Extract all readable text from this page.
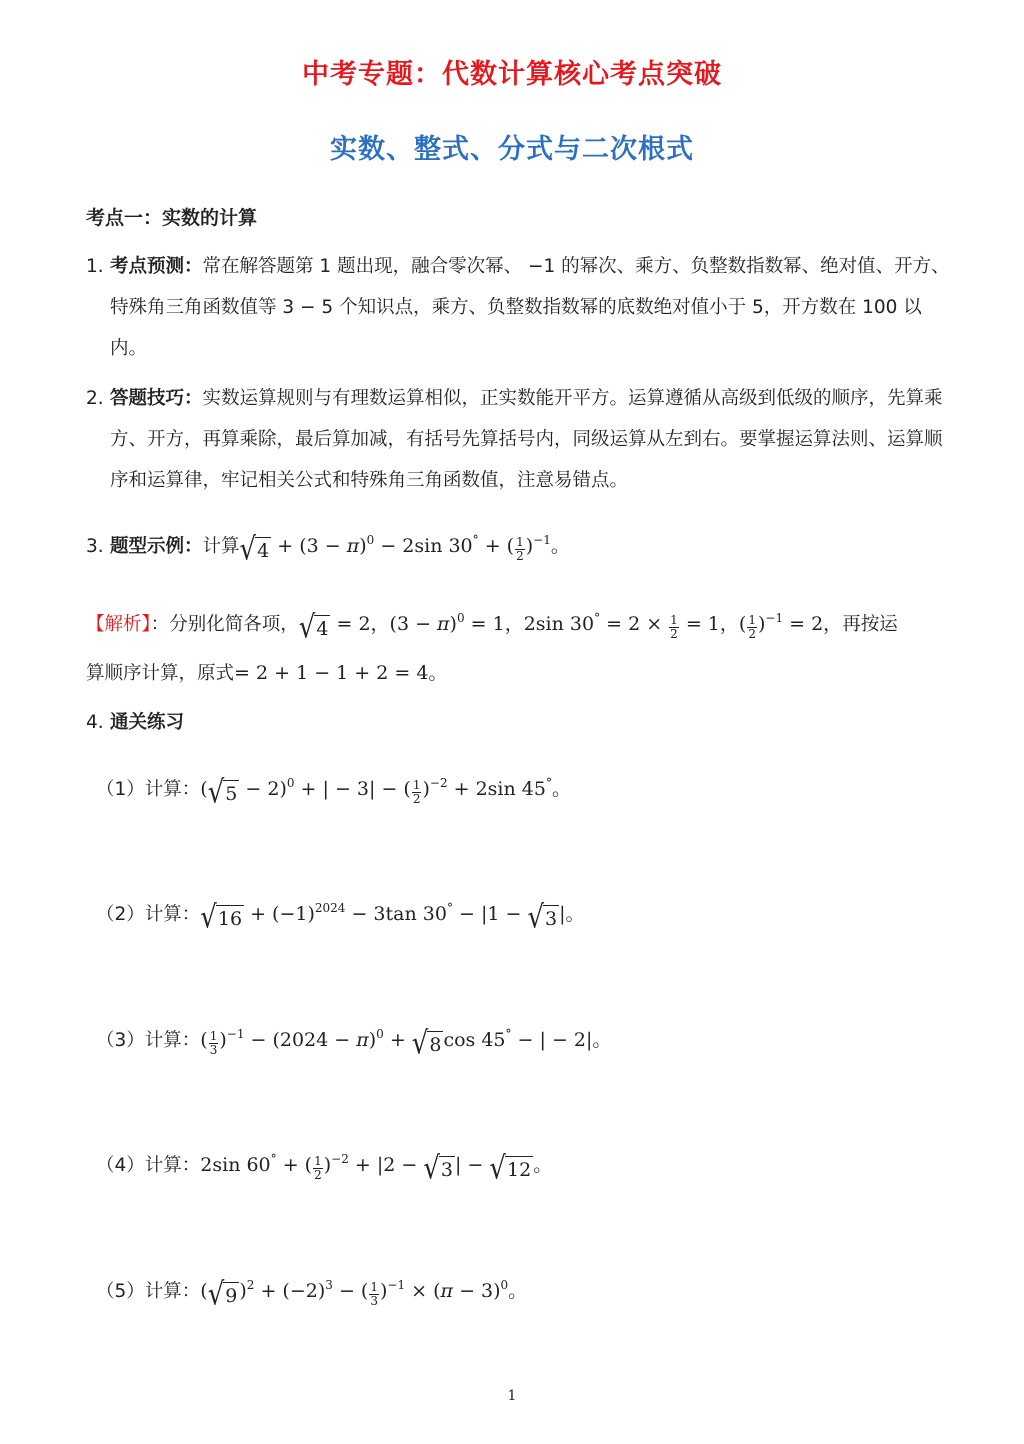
中考专题：代数计算核心考点突破
实数、整式、分式与二次根式
考点一：实数的计算
1. 考点预测：常在解答题第 1 题出现，融合零次幂、 −1 的幂次、乘方、负整数指数幂、绝对值、开方、特殊角三角函数值等 3 − 5 个知识点，乘方、负整数指数幂的底数绝对值小于 5，开方数在 100 以内。
2. 答题技巧：实数运算规则与有理数运算相似，正实数能开平方。运算遵循从高级到低级的顺序，先算乘方、开方，再算乘除，最后算加减，有括号先算括号内，同级运算从左到右。要掌握运算法则、运算顺序和运算律，牢记相关公式和特殊角三角函数值，注意易错点。
3. 题型示例：计算 √ $4 + (3 - \pi)^0 - 2\sin$ 30° + ( $\frac{1}{2} )^{-1}$。
【解析】：分别化简各项， √ 4 = 2，$(3 - \pi)^0 = 1$，2sin $30^\circ = 2 \times \frac{1}{2} = 1$，( $\frac{1}{2} )^{-1} = 2$，再按运
算顺序计算，原式= 2 + 1 − 1 + 2 = 4。
4. 通关练习
（1）计算：( √ 5 − 2)$^0$ + | − 3| − ( $\frac{1}{2} )^{-2} + 2\sin$ 45°。
（2）计算： √ $16 + (-1)^{2024} - 3\tan$ 30° − |1 − √ 3 |。
（3）计算：( $\frac{1}{3} )^{-1} - (2024 - \pi)^0$ + √ 8 cos 45° − | − 2|。
（4）计算：2sin 60° + ( $\frac{1}{2} )^{-2} + |2$ − √ 3 | − √ 12 。
（5）计算：( √ 9 )$^2 + (-2)^3$ − ( $\frac{1}{3} )^{-1} \times (\pi - 3)^0$。
1
